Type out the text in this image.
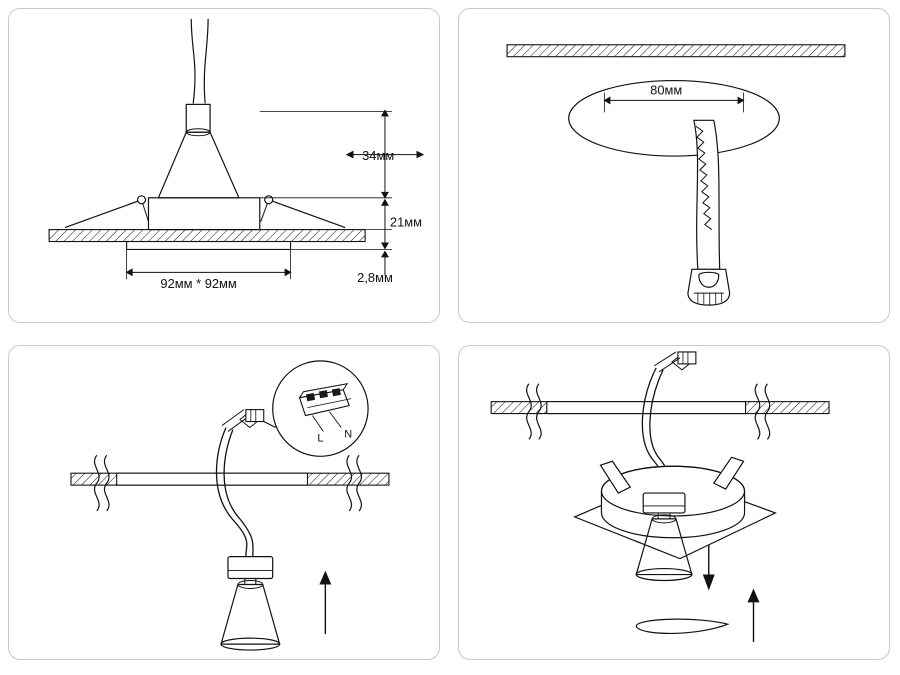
34мм
21мм
2,8мм
92мм * 92мм
80мм
L N
